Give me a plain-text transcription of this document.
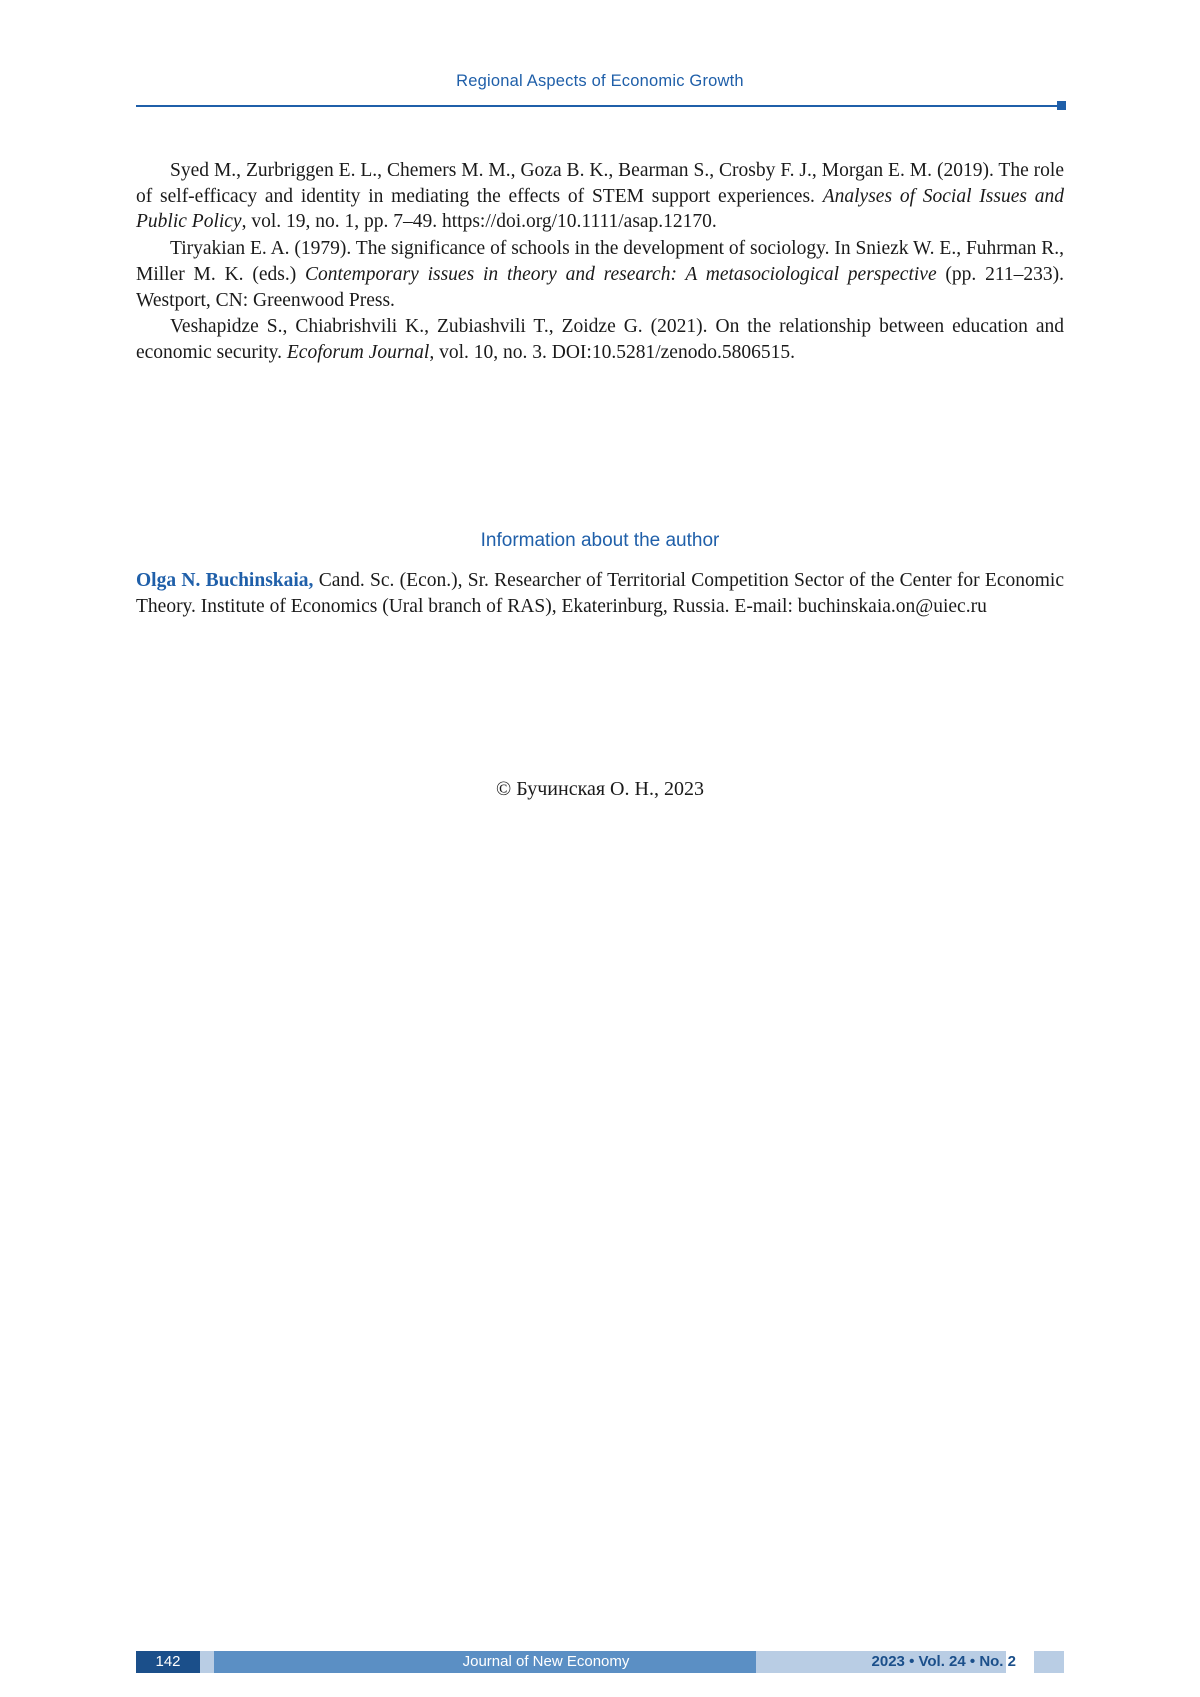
Regional Aspects of Economic Growth

Syed M., Zurbriggen E. L., Chemers M. M., Goza B. K., Bearman S., Crosby F. J., Morgan E. M. (2019). The role of self-efficacy and identity in mediating the effects of STEM support experiences. Analyses of Social Issues and Public Policy, vol. 19, no. 1, pp. 7–49. https://doi.org/10.1111/asap.12170.

Tiryakian E. A. (1979). The significance of schools in the development of sociology. In Sniezk W. E., Fuhrman R., Miller M. K. (eds.) Contemporary issues in theory and research: A metasociological perspective (pp. 211–233). Westport, CN: Greenwood Press.

Veshapidze S., Chiabrishvili K., Zubiashvili T., Zoidze G. (2021). On the relationship between education and economic security. Ecoforum Journal, vol. 10, no. 3. DOI:10.5281/zenodo.5806515.

Information about the author
Olga N. Buchinskaia, Cand. Sc. (Econ.), Sr. Researcher of Territorial Competition Sector of the Center for Economic Theory. Institute of Economics (Ural branch of RAS), Ekaterinburg, Russia. E-mail: buchinskaia.on@uiec.ru
© Бучинская О. Н., 2023
142	Journal of New Economy	2023 • Vol. 24 • No. 2
